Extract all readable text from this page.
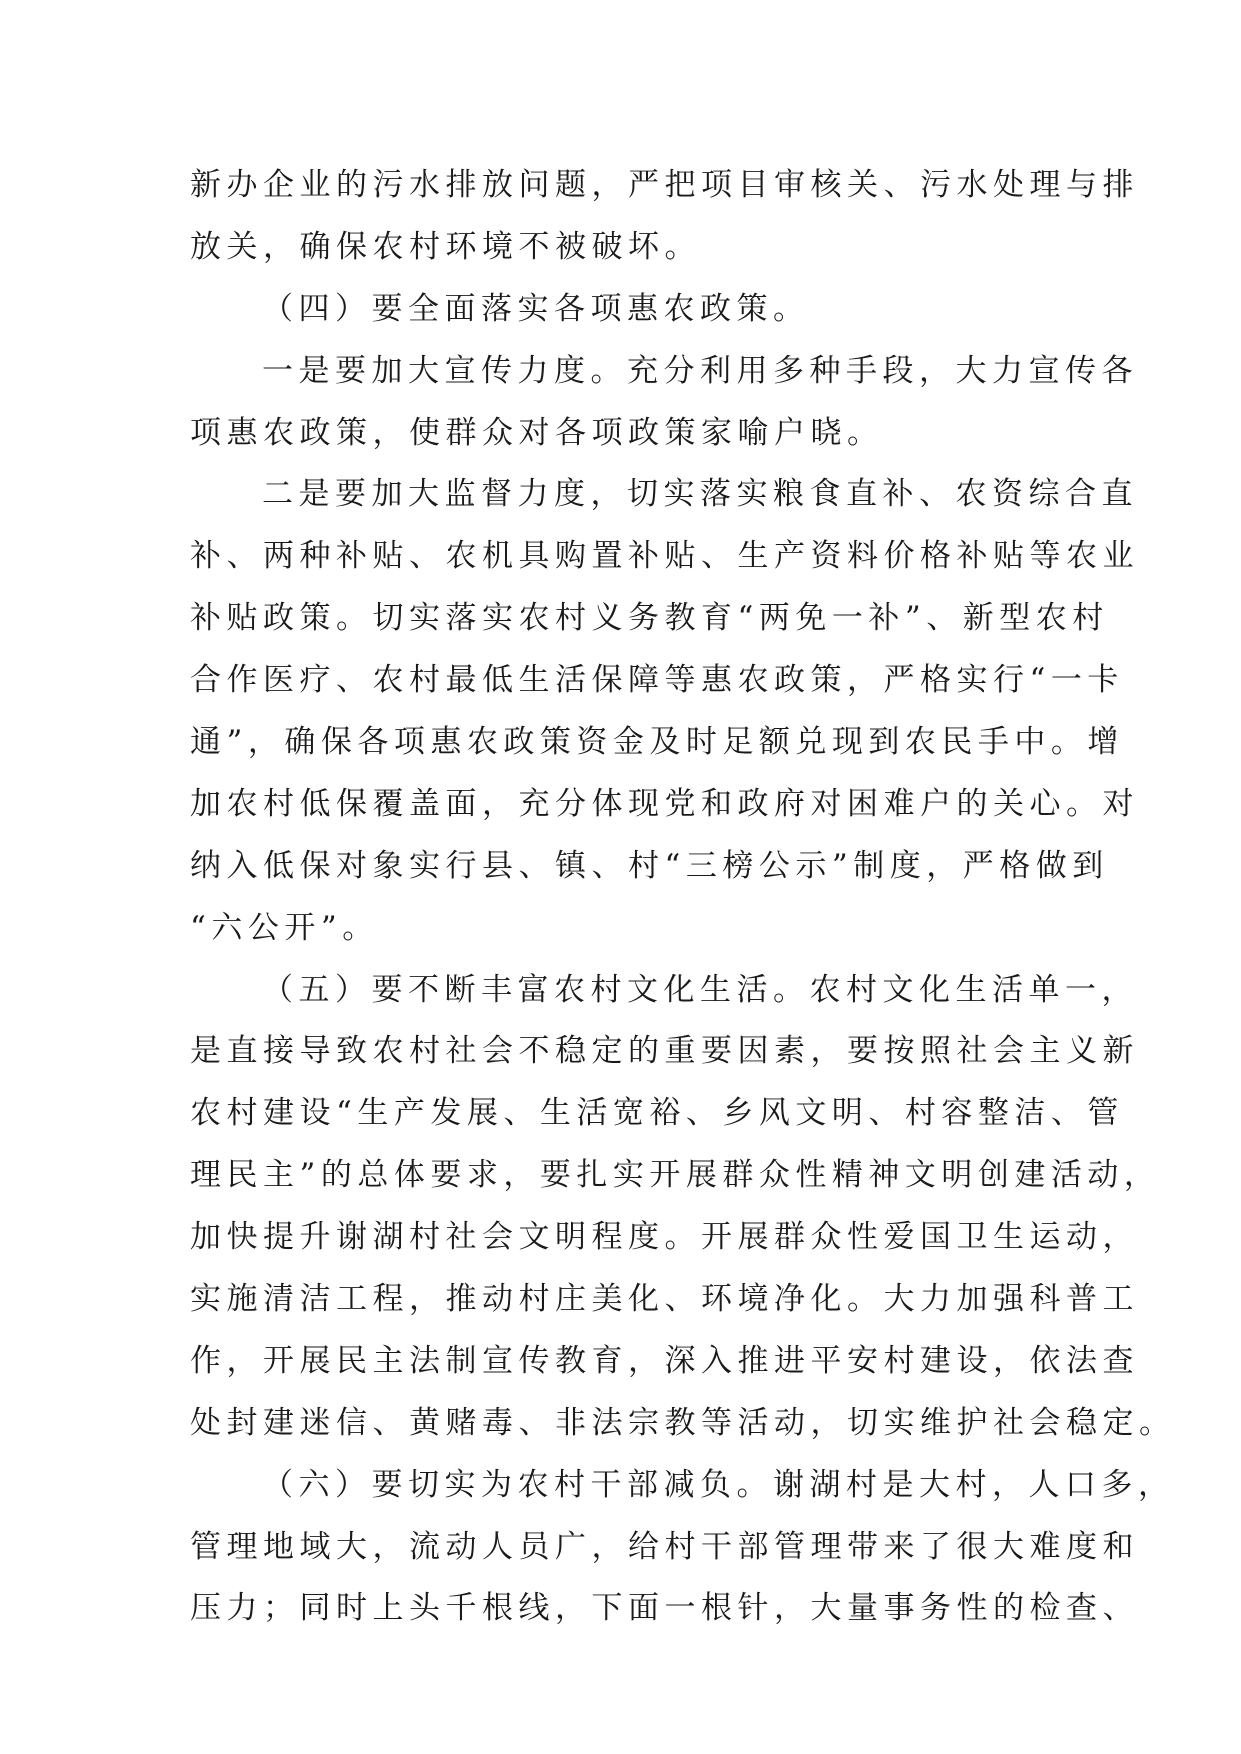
新办企业的污水排放问题，严把项目审核关、污水处理与排
放关，确保农村环境不被破坏。
（四）要全面落实各项惠农政策。
一是要加大宣传力度。充分利用多种手段，大力宣传各
项惠农政策，使群众对各项政策家喻户晓。
二是要加大监督力度，切实落实粮食直补、农资综合直
补、两种补贴、农机具购置补贴、生产资料价格补贴等农业
补贴政策。切实落实农村义务教育“两免一补”、新型农村
合作医疗、农村最低生活保障等惠农政策，严格实行“一卡
通”，确保各项惠农政策资金及时足额兑现到农民手中。增
加农村低保覆盖面，充分体现党和政府对困难户的关心。对
纳入低保对象实行县、镇、村“三榜公示”制度，严格做到
“六公开”。
（五）要不断丰富农村文化生活。农村文化生活单一，
是直接导致农村社会不稳定的重要因素，要按照社会主义新
农村建设“生产发展、生活宽裕、乡风文明、村容整洁、管
理民主”的总体要求，要扎实开展群众性精神文明创建活动，
加快提升谢湖村社会文明程度。开展群众性爱国卫生运动，
实施清洁工程，推动村庄美化、环境净化。大力加强科普工
作，开展民主法制宣传教育，深入推进平安村建设，依法查
处封建迷信、黄赌毒、非法宗教等活动，切实维护社会稳定。
（六）要切实为农村干部减负。谢湖村是大村，人口多，
管理地域大，流动人员广，给村干部管理带来了很大难度和
压力；同时上头千根线，下面一根针，大量事务性的检查、
